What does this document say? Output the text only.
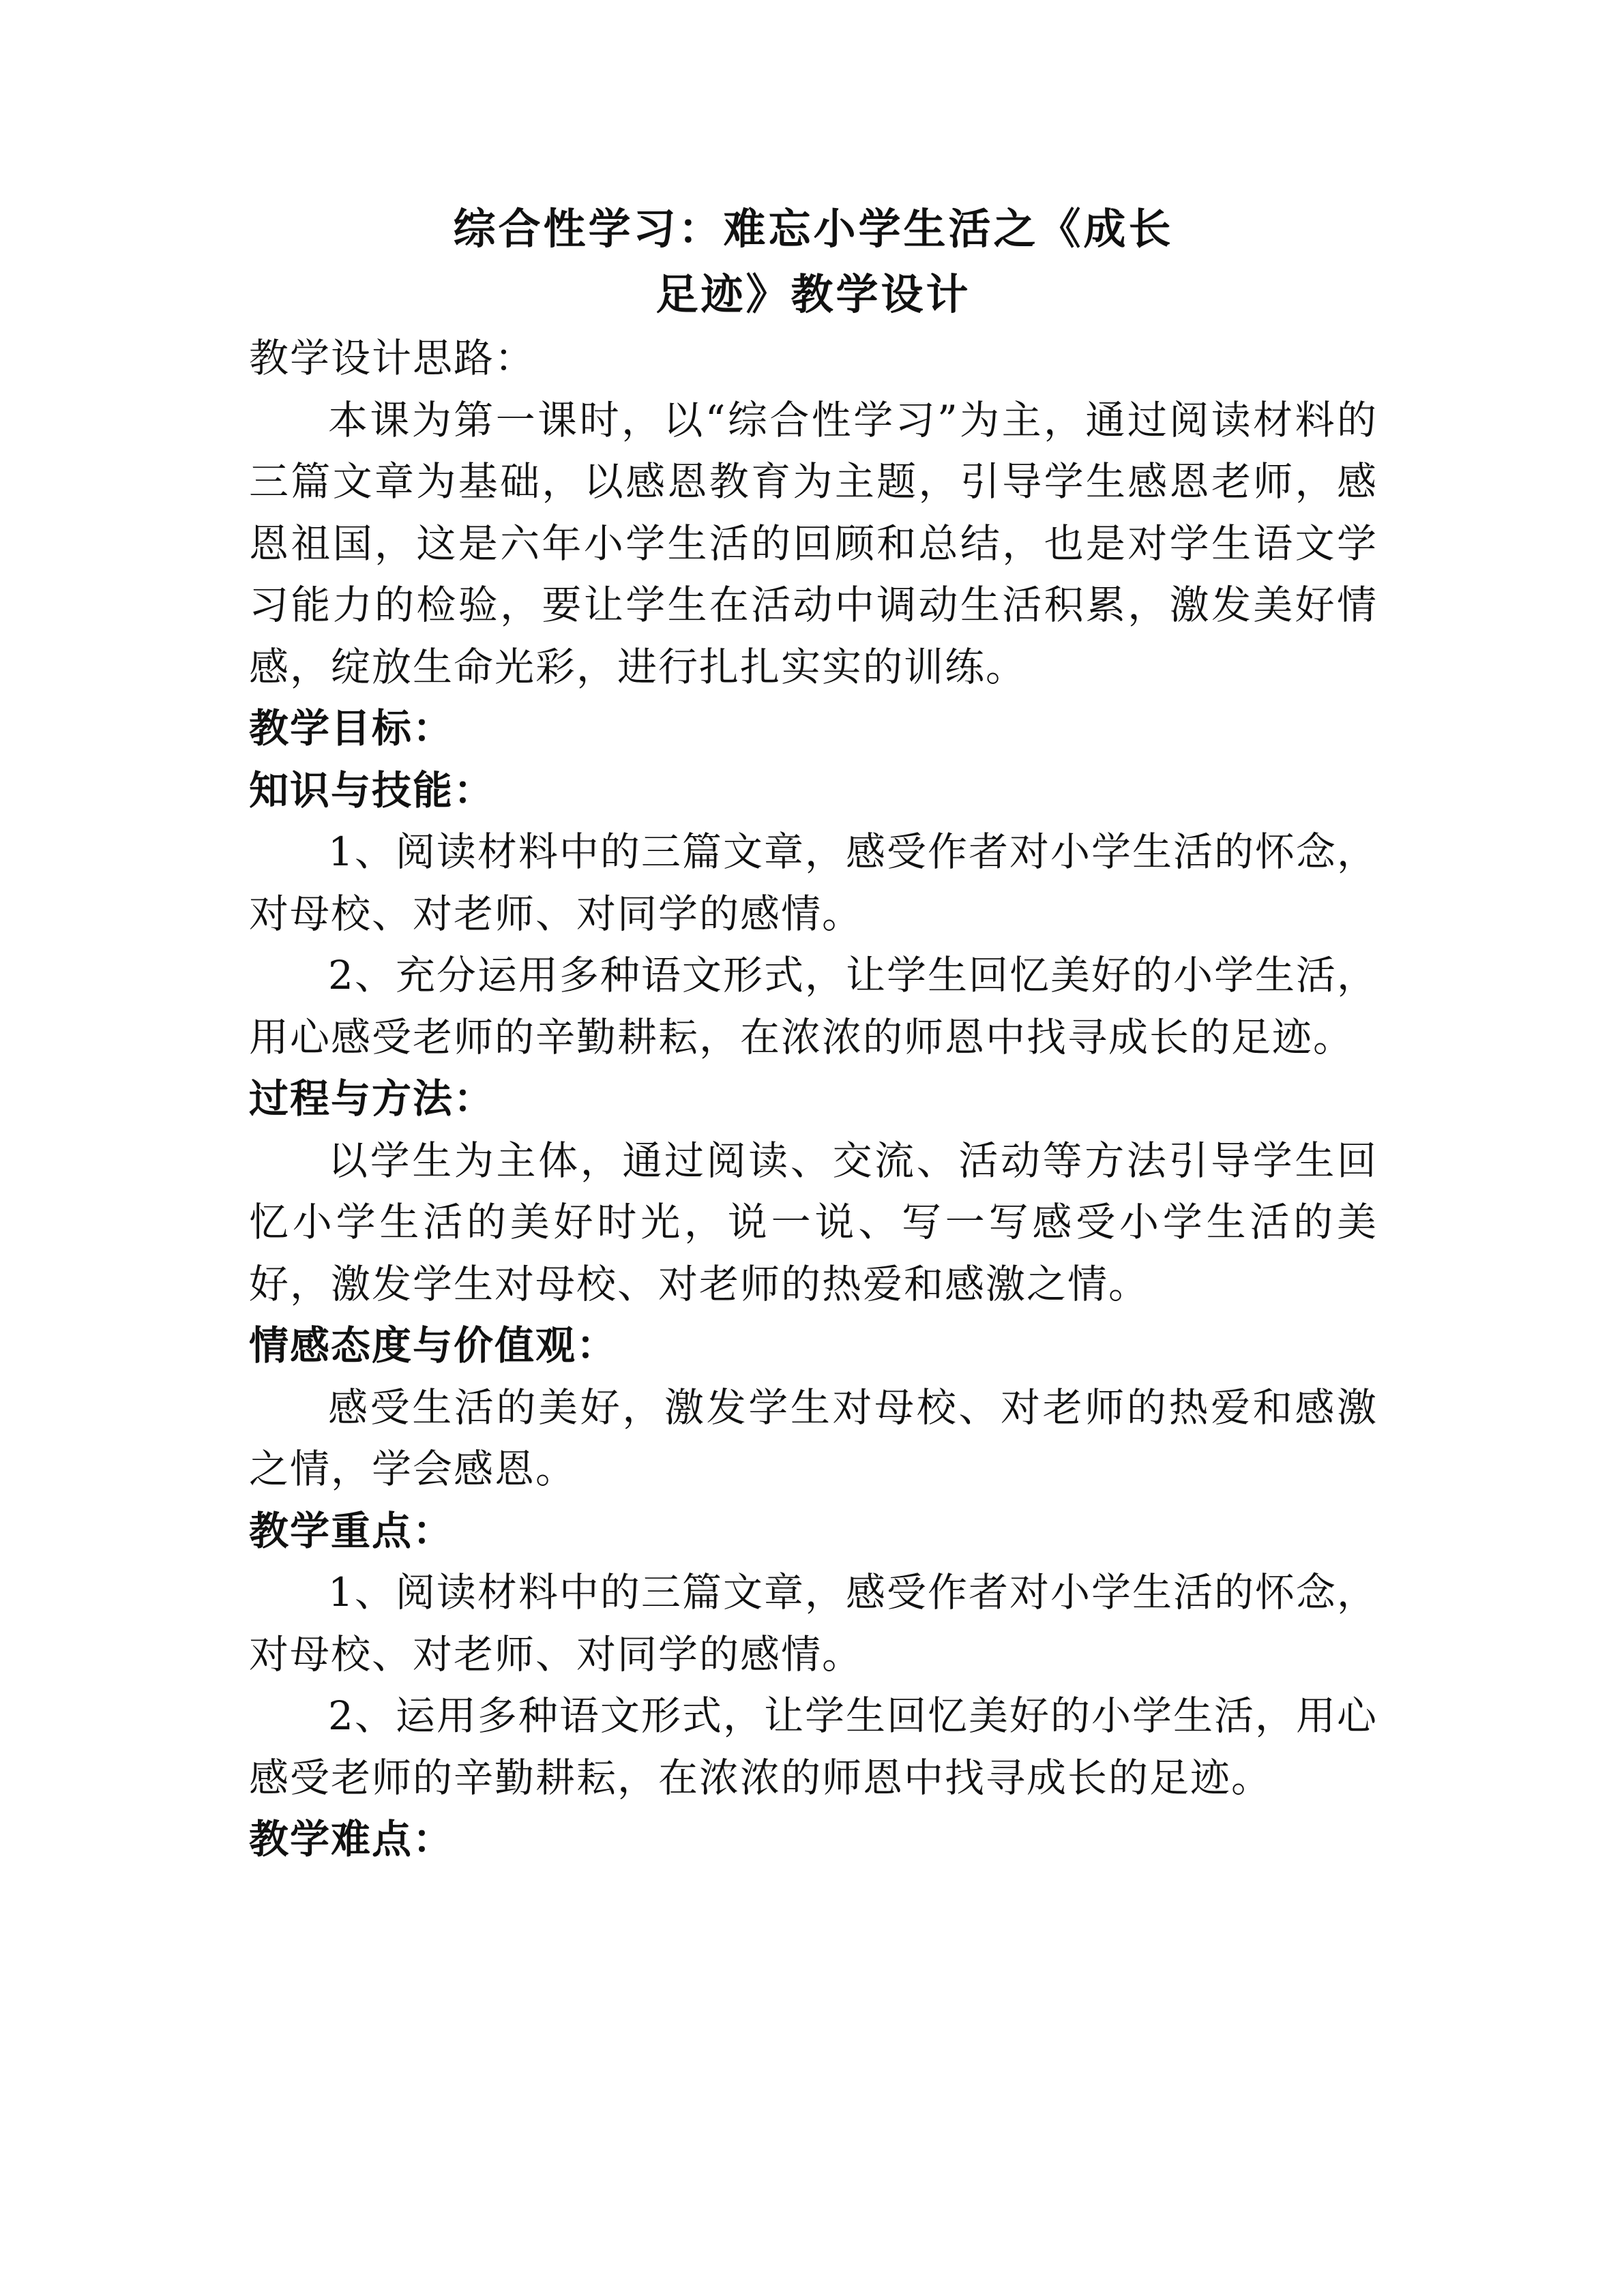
综合性学习：难忘小学生活之《成长

足迹》教学设计

教学设计思路：

本课为第一课时，以“综合性学习”为主，通过阅读材料的三篇文章为基础，以感恩教育为主题，引导学生感恩老师，感恩祖国，这是六年小学生活的回顾和总结，也是对学生语文学习能力的检验，要让学生在活动中调动生活积累，激发美好情感，绽放生命光彩，进行扎扎实实的训练。

教学目标：

知识与技能：

1、阅读材料中的三篇文章，感受作者对小学生活的怀念，对母校、对老师、对同学的感情。

2、充分运用多种语文形式，让学生回忆美好的小学生活，用心感受老师的辛勤耕耘，在浓浓的师恩中找寻成长的足迹。

过程与方法：

以学生为主体，通过阅读、交流、活动等方法引导学生回忆小学生活的美好时光，说一说、写一写感受小学生活的美好，激发学生对母校、对老师的热爱和感激之情。

情感态度与价值观：

感受生活的美好，激发学生对母校、对老师的热爱和感激之情，学会感恩。

教学重点：

1、阅读材料中的三篇文章，感受作者对小学生活的怀念，对母校、对老师、对同学的感情。

2、运用多种语文形式，让学生回忆美好的小学生活，用心感受老师的辛勤耕耘，在浓浓的师恩中找寻成长的足迹。

教学难点：
